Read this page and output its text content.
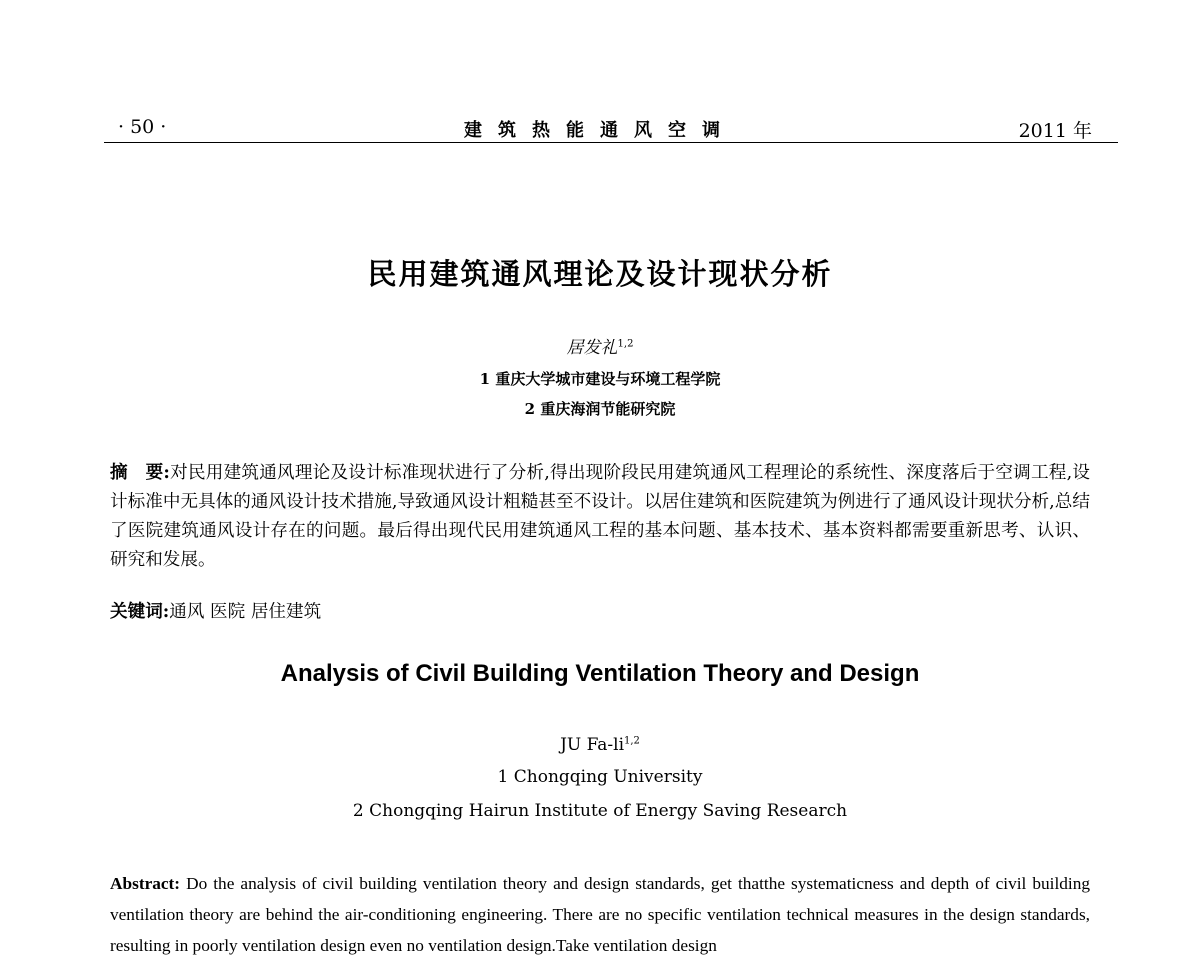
· 50 ·	建筑热能通风空调	2011 年
民用建筑通风理论及设计现状分析
居发礼$^{1,2}$
1 重庆大学城市建设与环境工程学院
2 重庆海润节能研究院
摘　要:对民用建筑通风理论及设计标准现状进行了分析,得出现阶段民用建筑通风工程理论的系统性、深度落后于空调工程,设计标准中无具体的通风设计技术措施,导致通风设计粗糙甚至不设计。以居住建筑和医院建筑为例进行了通风设计现状分析,总结了医院建筑通风设计存在的问题。最后得出现代民用建筑通风工程的基本问题、基本技术、基本资料都需要重新思考、认识、研究和发展。
关键词:通风 医院 居住建筑
Analysis of Civil Building Ventilation Theory and Design
JU Fa-li$^{1,2}$
1 Chongqing University
2 Chongqing Hairun Institute of Energy Saving Research
Abstract: Do the analysis of civil building ventilation theory and design standards, get thatthe systematicness and depth of civil building ventilation theory are behind the air-conditioning engineering. There are no specific ventilation technical measures in the design standards, resulting in poorly ventilation design even no ventilation design.Take ventilation design
